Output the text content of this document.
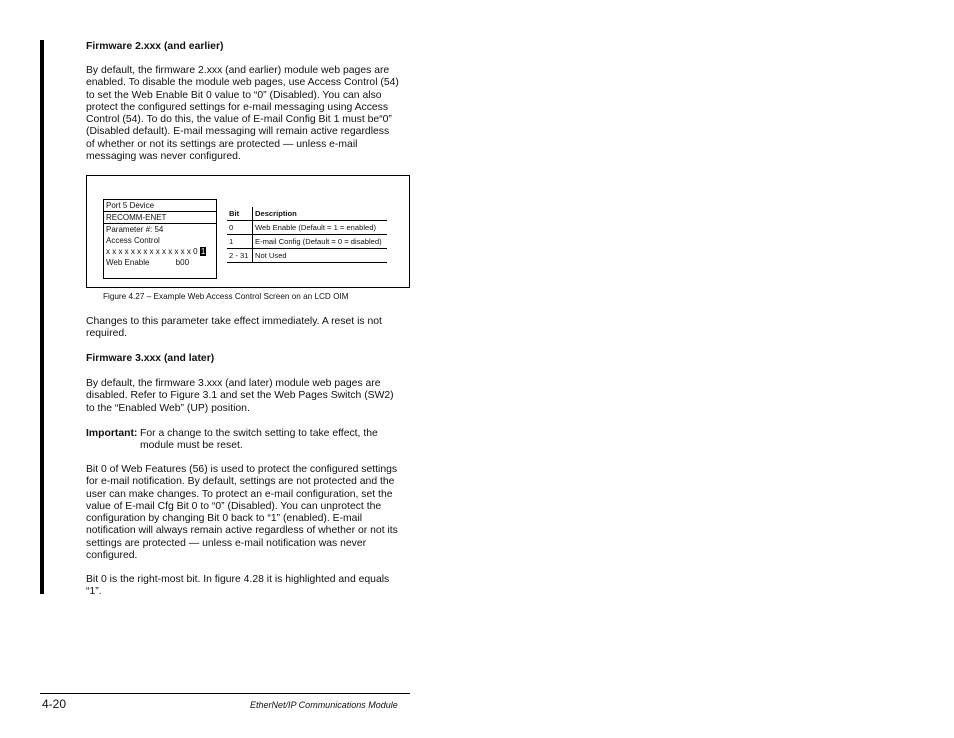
Firmware 2.xxx (and earlier)

By default, the firmware 2.xxx (and earlier) module web pages are

enabled. To disable the module web pages, use Access Control (54)

to set the Web Enable Bit 0 value to “0” (Disabled). You can also

protect the configured settings for e-mail messaging using Access

Control (54). To do this, the value of E-mail Config Bit 1 must be“0”

(Disabled default). E-mail messaging will remain active regardless

of whether or not its settings are protected — unless e-mail

messaging was never configured.

Port 5 Device
RECOMM-ENET
Parameter #: 54
Access Control
x x x x x x x x x x x x x x 0 1
Web Enable	b00
Bit	Description
0	Web Enable (Default = 1 = enabled)
1	E-mail Config (Default = 0 = disabled)
2 - 31	Not Used
Figure 4.27 – Example Web Access Control Screen on an LCD OIM

Changes to this parameter take effect immediately. A reset is not

required.

Firmware 3.xxx (and later)

By default, the firmware 3.xxx (and later) module web pages are

disabled. Refer to Figure 3.1 and set the Web Pages Switch (SW2)

to the “Enabled Web” (UP) position.

Important: For a change to the switch setting to take effect, the

module must be reset.

Bit 0 of Web Features (56) is used to protect the configured settings

for e-mail notification. By default, settings are not protected and the

user can make changes. To protect an e-mail configuration, set the

value of E-mail Cfg Bit 0 to “0” (Disabled). You can unprotect the

configuration by changing Bit 0 back to “1” (enabled). E-mail

notification will always remain active regardless of whether or not its

settings are protected — unless e-mail notification was never

configured.

Bit 0 is the right-most bit. In figure 4.28 it is highlighted and equals

“1”.

4-20	EtherNet/IP Communications Module
